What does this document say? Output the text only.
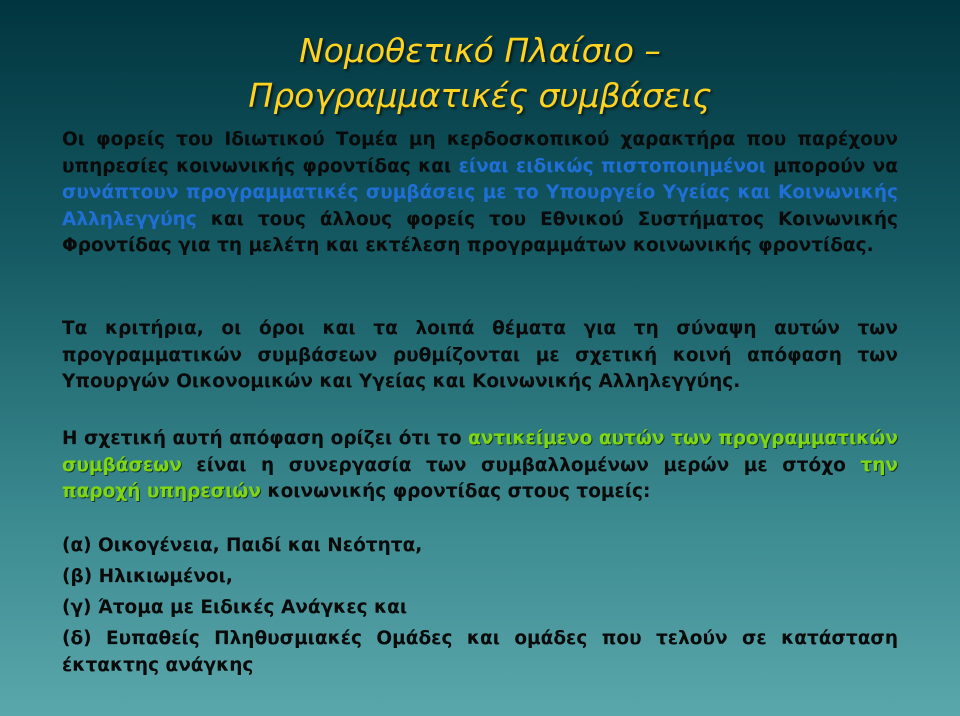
Νομοθετικό Πλαίσιο –
Προγραμματικές συμβάσεις
Οι φορείς του Ιδιωτικού Τομέα μη κερδοσκοπικού χαρακτήρα που παρέχουν υπηρεσίες κοινωνικής φροντίδας και είναι ειδικώς πιστοποιημένοι μπορούν να συνάπτουν προγραμματικές συμβάσεις με το Υπουργείο Υγείας και Κοινωνικής Αλληλεγγύης και τους άλλους φορείς του Εθνικού Συστήματος Κοινωνικής Φροντίδας για τη μελέτη και εκτέλεση προγραμμάτων κοινωνικής φροντίδας.
Τα κριτήρια, οι όροι και τα λοιπά θέματα για τη σύναψη αυτών των προγραμματικών συμβάσεων ρυθμίζονται με σχετική κοινή απόφαση των Υπουργών Οικονομικών και Υγείας και Κοινωνικής Αλληλεγγύης.
Η σχετική αυτή απόφαση ορίζει ότι το αντικείμενο αυτών των προγραμματικών συμβάσεων είναι η συνεργασία των συμβαλλομένων μερών με στόχο την παροχή υπηρεσιών κοινωνικής φροντίδας στους τομείς:
(α) Οικογένεια, Παιδί και Νεότητα,
(β) Ηλικιωμένοι,
(γ) Άτομα με Ειδικές Ανάγκες και
(δ) Ευπαθείς Πληθυσμιακές Ομάδες και ομάδες που τελούν σε κατάσταση έκτακτης ανάγκης
